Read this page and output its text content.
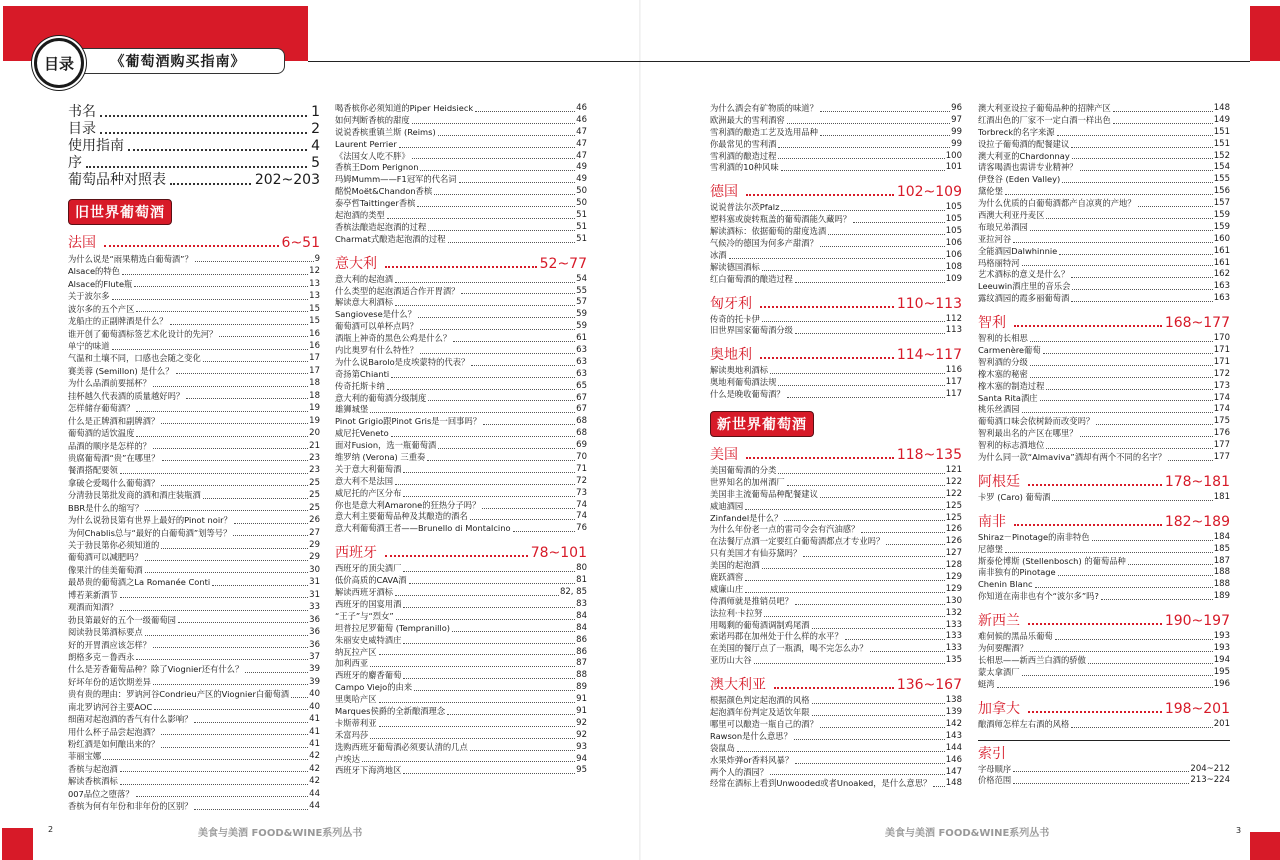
目录	《葡萄酒购买指南》
书名	1
目录	2
使用指南	4
序	5
葡萄品种对照表	202~203
旧世界葡萄酒
法国	6~51
为什么说是“雨果精选白葡萄酒”？	9
Alsace的特色	12
Alsace的Flute瓶	13
关于波尔多	13
波尔多的五个产区	15
龙船庄的正副牌酒是什么？	15
谁开创了葡萄酒标签艺术化设计的先河？	16
单宁的味道	16
气温和土壤不同，口感也会随之变化	17
赛美蓉 (Semillon) 是什么？	17
为什么品酒前要摇杯？	18
挂杯越久代表酒的质量越好吗？	18
怎样储存葡萄酒？	19
什么是正牌酒和副牌酒？	19
葡萄酒的适饮温度	20
品酒的顺序是怎样的？	21
贵腐葡萄酒“贵”在哪里？	23
餐酒搭配要领	23
拿破仑爱喝什么葡萄酒？	25
分清勃艮第批发商的酒和酒庄装瓶酒	25
BBR是什么的缩写？	25
为什么说勃艮第有世界上最好的Pinot noir？	26
为何Chablis总与“最好的白葡萄酒”划等号？	27
关于勃艮第你必须知道的	29
葡萄酒可以减肥吗？	29
像果汁的佳美葡萄酒	30
最昂贵的葡萄酒之La Romanée Conti	31
博若莱新酒节	31
观酒而知酒？	33
勃艮第最好的五个一级葡萄园	36
阅读勃艮第酒标要点	36
好的开胃酒应该怎样？	36
朗格多克－鲁西永	37
什么是芳香葡萄品种？除了Viognier还有什么？	39
好坏年份的适饮期差异	39
贵有贵的理由：罗讷河谷Condrieu产区的Viognier白葡萄酒 40
南北罗讷河谷主要AOC	40
细菌对起泡酒的香气有什么影响？	41
用什么杯子品尝起泡酒？	41
粉红酒是如何酿出来的？	41
菲丽宝娜	42
香槟与起泡酒	42
解读香槟酒标	42
007品位之堕落？	44
香槟为何有年份和非年份的区别？	44
喝香槟你必须知道的Piper Heidsieck	46
如何判断香槟的甜度	46
说说香槟重镇兰斯 (Reims)	47
Laurent Perrier	47
《法国女人吃不胖》	47
香槟王Dom Perignon	49
玛姆Mumm——F1冠军的代名词	49
酩悦Moët&Chandon香槟	50
泰亭哲Taittinger香槟	50
起泡酒的类型	51
香槟法酿造起泡酒的过程	51
Charmat式酿造起泡酒的过程	51
意大利	52~77
意大利的起泡酒	54
什么类型的起泡酒适合作开胃酒？	55
解读意大利酒标	57
Sangiovese是什么？	59
葡萄酒可以单杯点吗？	59
酒瓶上神奇的黑色公鸡是什么？	61
内比奥罗有什么特性？	63
为什么说Barolo是皮埃蒙特的代表？	63
奇扬第Chianti	63
传奇托斯卡纳	65
意大利的葡萄酒分级制度	67
雄狮城堡	67
Pinot Grigio跟Pinot Gris是一回事吗？	68
威尼托Veneto	68
面对Fusion，选一瓶葡萄酒	69
维罗纳 (Verona) 三重奏	70
关于意大利葡萄酒	71
意大利不是法国	72
威尼托的产区分布	73
你也是意大利Amarone的狂热分子吗？	74
意大利主要葡萄品种及其酿造的酒名	74
意大利葡萄酒王者——Brunello di Montalcino	76
西班牙	78~101
西班牙的顶尖酒厂	80
低价高质的CAVA酒	81
解读西班牙酒标	82, 85
西班牙的国宴用酒	83
“王子”与“烈女”	84
坦普拉尼罗葡萄 (Tempranillo)	84
朱丽安史威特酒庄	86
纳瓦拉产区	86
加利西亚	87
西班牙的麝香葡萄	88
Campo Viejo的由来	89
里奥哈产区	91
Marques侯爵的全新酿酒理念	91
卡斯蒂利亚	92
禾富玛莎	92
选购西班牙葡萄酒必须要认清的几点	93
卢埃达	94
西班牙下海湾地区	95
为什么酒会有矿物质的味道？	96
欧洲最大的雪利酒窖	97
雪利酒的酿造工艺及选用品种	99
你最常见的雪利酒	99
雪利酒的酿造过程	100
雪利酒的10种风味	101
德国	102~109
说说普法尔茨Pfalz	105
塑料塞或旋转瓶盖的葡萄酒能久藏吗？	105
解读酒标：依据葡萄的甜度选酒	105
气候冷的德国为何多产甜酒？	106
冰酒	106
解读德国酒标	108
红白葡萄酒的酿造过程	109
匈牙利	110~113
传奇的托卡伊	112
旧世界国家葡萄酒分级	113
奥地利	114~117
解读奥地利酒标	116
奥地利葡萄酒法规	117
什么是晚收葡萄酒？	117
新世界葡萄酒
美国	118~135
美国葡萄酒的分类	121
世界知名的加州酒厂	122
美国非主流葡萄品种配餐建议	122
威迪酒园	125
Zinfandel是什么？	125
为什么年份老一点的雷司令会有汽油感？	126
在法餐厅点酒一定要红白葡萄酒都点才专业吗？	126
只有美国才有仙芬黛吗？	127
美国的起泡酒	128
鹿跃酒窖	129
威廉山庄	129
侍酒师就是推销员吧？	130
法拉利·卡拉努	132
用喝剩的葡萄酒调制鸡尾酒	133
索诺玛郡在加州处于什么样的水平？	133
在美国的餐厅点了一瓶酒，喝不完怎么办？	133
亚历山大谷	135
澳大利亚	136~167
根据颜色判定起泡酒的风格	138
起泡酒年份判定及适饮年限	139
哪里可以酿造一瓶自己的酒？	142
Rawson是什么意思？	143
袋鼠岛	144
水果炸弹or香料风暴？	146
两个人的酒园？	147
经常在酒标上看到Unwooded或者Unoaked，是什么意思？ 148
澳大利亚设拉子葡萄品种的招牌产区	148
红酒出色的厂家不一定白酒一样出色	149
Torbreck的名字来源	151
设拉子葡萄酒的配餐建议	151
澳大利亚的Chardonnay	152
请客喝酒也需讲专业精神？	154
伊登谷 (Eden Valley)	155
黛伦堡	156
为什么优质的白葡萄酒都产自凉爽的产地？	157
西澳大利亚丹麦区	159
布琅兄弟酒园	159
亚拉河谷	160
全能酒园Dalwhinnie	161
玛格丽特河	161
艺术酒标的意义是什么？	162
Leeuwin酒庄里的音乐会	163
露纹酒园的霞多丽葡萄酒	163
智利	168~177
智利的长相思	170
Carmenère葡萄	171
智利酒的分级	171
橡木塞的秘密	172
橡木塞的制造过程	173
Santa Rita酒庄	174
桃乐丝酒园	174
葡萄酒口味会依树龄而改变吗？	175
智利最出名的产区在哪里？	176
智利的标志酒地位	177
为什么同一款“Almaviva”酒却有两个不同的名字？	177
阿根廷	178~181
卡罗 (Caro) 葡萄酒	181
南非	182~189
Shiraz－Pinotage的南非特色	184
尼德堡	185
斯泰伦博斯 (Stellenbosch) 的葡萄品种	187
南非独有的Pinotage	188
Chenin Blanc	188
你知道在南非也有个“波尔多”吗?	189
新西兰	190~197
难伺候的黑品乐葡萄	193
为何要醒酒？	193
长相思——新西兰白酒的骄傲	194
蒙太拿酒厂	195
蜓湾	196
加拿大	198~201
酿酒师怎样左右酒的风格	201
索引
字母顺序	204~212
价格范围	213~224
2	美食与美酒 FOOD&WINE系列丛书	美食与美酒 FOOD&WINE系列丛书	3
